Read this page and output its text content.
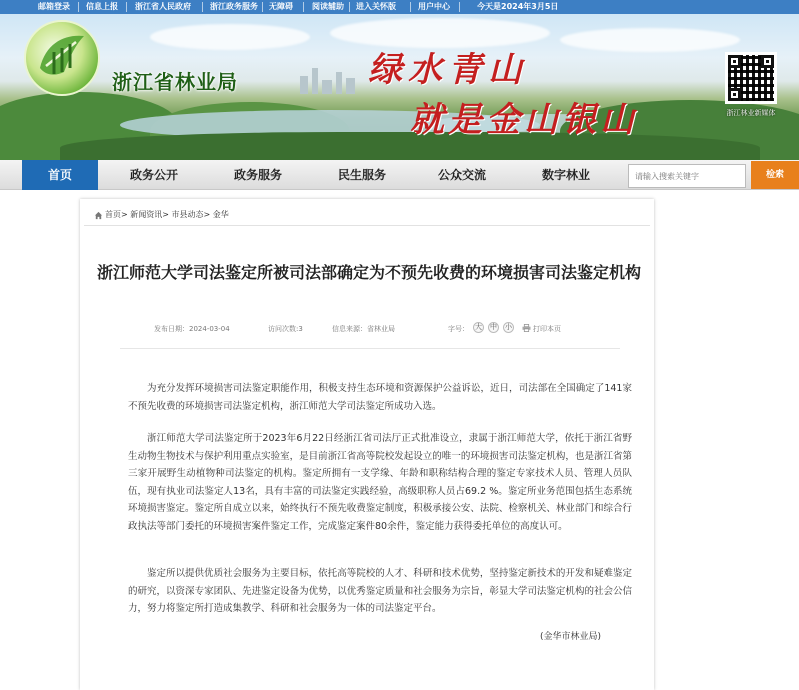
邮箱登录 信息上报 浙江省人民政府 浙江政务服务 无障碍 阅读辅助 进入关怀版	用户中心	今天是2024年3月5日
浙江省林业局	绿水青山
就是金山银山	浙江林业新媒体
首页	政务公开	政务服务	民生服务	公众交流	数字林业
请输入搜索关键字	检索
首页> 新闻资讯> 市县动态> 金华
浙江师范大学司法鉴定所被司法部确定为不预先收费的环境损害司法鉴定机构
发布日期：2024-03-04	访问次数:3	信息来源：省林业局	字号： 大 中 小	打印本页

为充分发挥环境损害司法鉴定职能作用，积极支持生态环境和资源保护公益诉讼，近日，司法部在全国确定了141家不预先收费的环境损害司法鉴定机构，浙江师范大学司法鉴定所成功入选。

浙江师范大学司法鉴定所于2023年6月22日经浙江省司法厅正式批准设立，隶属于浙江师范大学，依托于浙江省野生动物生物技术与保护利用重点实验室，是目前浙江省高等院校发起设立的唯一的环境损害司法鉴定机构，也是浙江省第三家开展野生动植物种司法鉴定的机构。鉴定所拥有一支学缘、年龄和职称结构合理的鉴定专家技术人员、管理人员队伍，现有执业司法鉴定人13名，具有丰富的司法鉴定实践经验，高级职称人员占69.2 %。鉴定所业务范围包括生态系统环境损害鉴定。鉴定所自成立以来，始终执行不预先收费鉴定制度，积极承接公安、法院、检察机关、林业部门和综合行政执法等部门委托的环境损害案件鉴定工作，完成鉴定案件80余件，鉴定能力获得委托单位的高度认可。

鉴定所以提供优质社会服务为主要目标，依托高等院校的人才、科研和技术优势，坚持鉴定新技术的开发和疑难鉴定的研究，以资深专家团队、先进鉴定设备为优势，以优秀鉴定质量和社会服务为宗旨，彰显大学司法鉴定机构的社会公信力，努力将鉴定所打造成集教学、科研和社会服务为一体的司法鉴定平台。

(金华市林业局)
